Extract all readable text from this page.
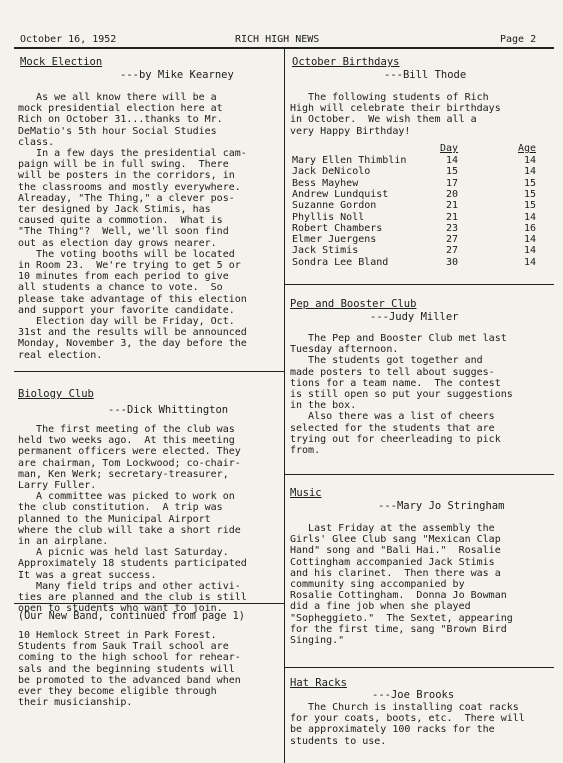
October 16, 1952	RICH HIGH NEWS	Page 2
Mock Election
---by Mike Kearney
As we all know there will be a
mock presidential election here at
Rich on October 31...thanks to Mr.
DeMatio's 5th hour Social Studies
class.
In a few days the presidential cam-
paign will be in full swing.  There
will be posters in the corridors, in
the classrooms and mostly everywhere.
Alreaday, "The Thing," a clever pos-
ter designed by Jack Stimis, has
caused quite a commotion.  What is
"The Thing"?  Well, we'll soon find
out as election day grows nearer.
The voting booths will be located
in Room 23.  We're trying to get 5 or
10 minutes from each period to give
all students a chance to vote.  So
please take advantage of this election
and support your favorite candidate.
Election day will be Friday, Oct.
31st and the results will be announced
Monday, November 3, the day before the
real election.
Biology Club
---Dick Whittington
The first meeting of the club was
held two weeks ago.  At this meeting
permanent officers were elected. They
are chairman, Tom Lockwood; co-chair-
man, Ken Werk; secretary-treasurer,
Larry Fuller.
A committee was picked to work on
the club constitution.  A trip was
planned to the Municipal Airport
where the club will take a short ride
in an airplane.
A picnic was held last Saturday.
Approximately 18 students participated
It was a great success.
Many field trips and other activi-
ties are planned and the club is still
open to students who want to join.
(Our New Band, continued from page 1)
10 Hemlock Street in Park Forest.
Students from Sauk Trail school are
coming to the high school for rehear-
sals and the beginning students will
be promoted to the advanced band when
ever they become eligible through
their musicianship.
October Birthdays
---Bill Thode
The following students of Rich
High will celebrate their birthdays
in October.  We wish them all a
very Happy Birthday!
Day	Age
Mary Ellen Thimblin	14	14
Jack DeNicolo	15	14
Bess Mayhew	17	15
Andrew Lundquist	20	15
Suzanne Gordon	21	15
Phyllis Noll	21	14
Robert Chambers	23	16
Elmer Juergens	27	14
Jack Stimis	27	14
Sondra Lee Bland	30	14
Pep and Booster Club
---Judy Miller
The Pep and Booster Club met last
Tuesday afternoon.
The students got together and
made posters to tell about sugges-
tions for a team name.  The contest
is still open so put your suggestions
in the box.
Also there was a list of cheers
selected for the students that are
trying out for cheerleading to pick
from.
Music
---Mary Jo Stringham
Last Friday at the assembly the
Girls' Glee Club sang "Mexican Clap
Hand" song and "Bali Hai."  Rosalie
Cottingham accompanied Jack Stimis
and his clarinet.  Then there was a
community sing accompanied by
Rosalie Cottingham.  Donna Jo Bowman
did a fine job when she played
"Sopheggieto."  The Sextet, appearing
for the first time, sang "Brown Bird
Singing."
Hat Racks
---Joe Brooks
The Church is installing coat racks
for your coats, boots, etc.  There will
be approximately 100 racks for the
students to use.
